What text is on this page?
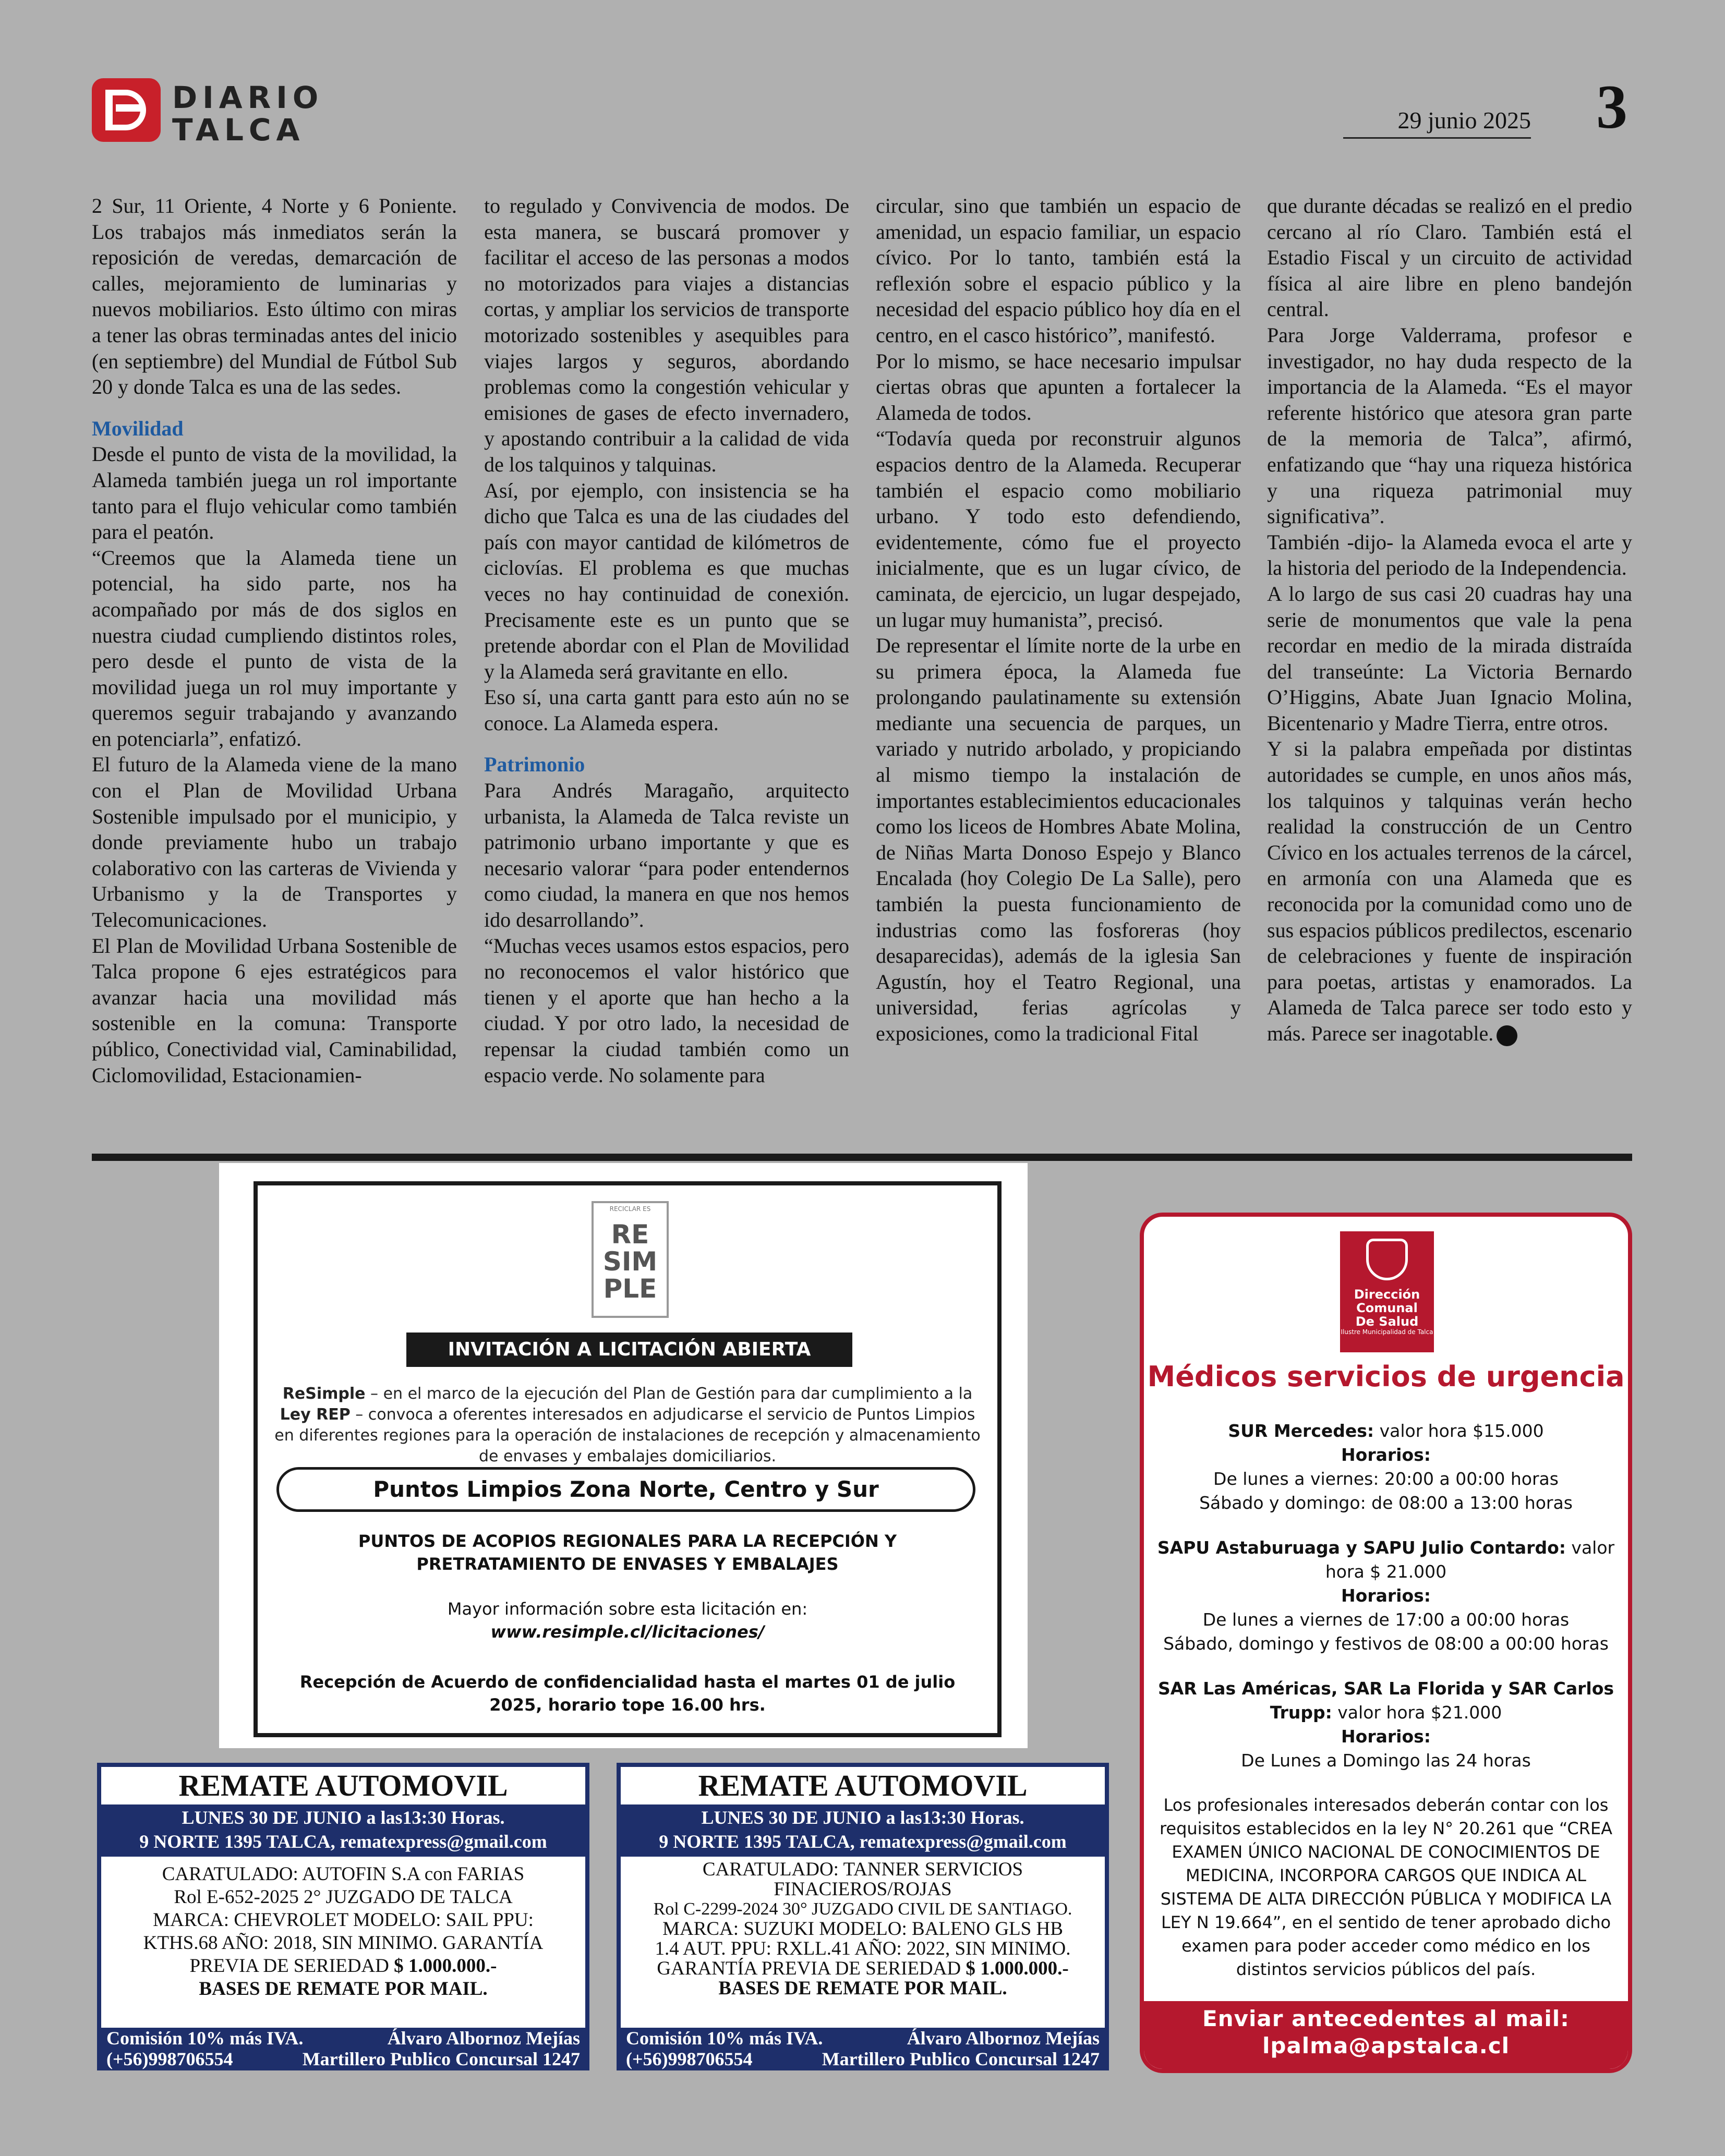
DIARIO
TALCA	29 junio 2025 3

2 Sur, 11 Oriente, 4 Norte y 6 Poniente. Los trabajos más inmediatos serán la reposición de veredas, demarcación de calles, mejoramiento de luminarias y nuevos mobiliarios. Esto último con miras a tener las obras terminadas antes del inicio (en septiembre) del Mundial de Fútbol Sub 20 y donde Talca es una de las sedes.

Movilidad

Desde el punto de vista de la movilidad, la Alameda también juega un rol importante tanto para el flujo vehicular como también para el peatón.

“Creemos que la Alameda tiene un potencial, ha sido parte, nos ha acompañado por más de dos siglos en nuestra ciudad cumpliendo distintos roles, pero desde el punto de vista de la movilidad juega un rol muy importante y queremos seguir trabajando y avanzando en potenciarla”, enfatizó.

El futuro de la Alameda viene de la mano con el Plan de Movilidad Urbana Sostenible impulsado por el municipio, y donde previamente hubo un trabajo colaborativo con las carteras de Vivienda y Urbanismo y la de Transportes y Telecomunicaciones.

El Plan de Movilidad Urbana Sostenible de Talca propone 6 ejes estratégicos para avanzar hacia una movilidad más sostenible en la comuna: Transporte público, Conectividad vial, Caminabilidad, Ciclomovilidad, Estacionamien-

to regulado y Convivencia de modos. De esta manera, se buscará promover y facilitar el acceso de las personas a modos no motorizados para viajes a distancias cortas, y ampliar los servicios de transporte motorizado sostenibles y asequibles para viajes largos y seguros, abordando problemas como la congestión vehicular y emisiones de gases de efecto invernadero, y apostando contribuir a la calidad de vida de los talquinos y talquinas.

Así, por ejemplo, con insistencia se ha dicho que Talca es una de las ciudades del país con mayor cantidad de kilómetros de ciclovías. El problema es que muchas veces no hay continuidad de conexión. Precisamente este es un punto que se pretende abordar con el Plan de Movilidad y la Alameda será gravitante en ello.

Eso sí, una carta gantt para esto aún no se conoce. La Alameda espera.

Patrimonio

Para Andrés Maragaño, arquitecto urbanista, la Alameda de Talca reviste un patrimonio urbano importante y que es necesario valorar “para poder entendernos como ciudad, la manera en que nos hemos ido desarrollando”.

“Muchas veces usamos estos espacios, pero no reconocemos el valor histórico que tienen y el aporte que han hecho a la ciudad. Y por otro lado, la necesidad de repensar la ciudad también como un espacio verde. No solamente para

circular, sino que también un espacio de amenidad, un espacio familiar, un espacio cívico. Por lo tanto, también está la reflexión sobre el espacio público y la necesidad del espacio público hoy día en el centro, en el casco histórico”, manifestó.

Por lo mismo, se hace necesario impulsar ciertas obras que apunten a fortalecer la Alameda de todos.

“Todavía queda por reconstruir algunos espacios dentro de la Alameda. Recuperar también el espacio como mobiliario urbano. Y todo esto defendiendo, evidentemente, cómo fue el proyecto inicialmente, que es un lugar cívico, de caminata, de ejercicio, un lugar despejado, un lugar muy humanista”, precisó.

De representar el límite norte de la urbe en su primera época, la Alameda fue prolongando paulatinamente su extensión mediante una secuencia de parques, un variado y nutrido arbolado, y propiciando al mismo tiempo la instalación de importantes establecimientos educacionales como los liceos de Hombres Abate Molina, de Niñas Marta Donoso Espejo y Blanco Encalada (hoy Colegio De La Salle), pero también la puesta funcionamiento de industrias como las fosforeras (hoy desaparecidas), además de la iglesia San Agustín, hoy el Teatro Regional, una universidad, ferias agrícolas y exposiciones, como la tradicional Fital

que durante décadas se realizó en el predio cercano al río Claro. También está el Estadio Fiscal y un circuito de actividad física al aire libre en pleno bandejón central.

Para Jorge Valderrama, profesor e investigador, no hay duda respecto de la importancia de la Alameda. “Es el mayor referente histórico que atesora gran parte de la memoria de Talca”, afirmó, enfatizando que “hay una riqueza histórica y una riqueza patrimonial muy significativa”.

También -dijo- la Alameda evoca el arte y la historia del periodo de la Independencia.

A lo largo de sus casi 20 cuadras hay una serie de monumentos que vale la pena recordar en medio de la mirada distraída del transeúnte: La Victoria Bernardo O’Higgins, Abate Juan Ignacio Molina, Bicentenario y Madre Tierra, entre otros.

Y si la palabra empeñada por distintas autoridades se cumple, en unos años más, los talquinos y talquinas verán hecho realidad la construcción de un Centro Cívico en los actuales terrenos de la cárcel, en armonía con una Alameda que es reconocida por la comunidad como uno de sus espacios públicos predilectos, escenario de celebraciones y fuente de inspiración para poetas, artistas y enamorados. La Alameda de Talca parece ser todo esto y más. Parece ser inagotable.

RECICLAR ES
RE
SIM
PLE
INVITACIÓN A LICITACIÓN ABIERTA
ReSimple – en el marco de la ejecución del Plan de Gestión para dar cumplimiento a la Ley REP – convoca a oferentes interesados en adjudicarse el servicio de Puntos Limpios en diferentes regiones para la operación de instalaciones de recepción y almacenamiento de envases y embalajes domiciliarios.
Puntos Limpios Zona Norte, Centro y Sur
PUNTOS DE ACOPIOS REGIONALES PARA LA RECEPCIÓN Y PRETRATAMIENTO DE ENVASES Y EMBALAJES
Mayor información sobre esta licitación en:
www.resimple.cl/licitaciones/
Recepción de Acuerdo de confidencialidad hasta el martes 01 de julio 2025, horario tope 16.00 hrs.
REMATE AUTOMOVIL
LUNES 30 DE JUNIO a las13:30 Horas.
9 NORTE 1395 TALCA, rematexpress@gmail.com
CARATULADO: AUTOFIN S.A con FARIAS
Rol E-652-2025 2° JUZGADO DE TALCA
MARCA: CHEVROLET MODELO: SAIL PPU:
KTHS.68 AÑO: 2018, SIN MINIMO. GARANTÍA
PREVIA DE SERIEDAD $ 1.000.000.-
BASES DE REMATE POR MAIL.
Comisión 10% más IVA.	Álvaro Albornoz Mejías
(+56)998706554	Martillero Publico Concursal 1247
REMATE AUTOMOVIL
LUNES 30 DE JUNIO a las13:30 Horas.
9 NORTE 1395 TALCA, rematexpress@gmail.com
CARATULADO: TANNER SERVICIOS
FINACIEROS/ROJAS
Rol C-2299-2024 30° JUZGADO CIVIL DE SANTIAGO.
MARCA: SUZUKI MODELO: BALENO GLS HB
1.4 AUT. PPU: RXLL.41 AÑO: 2022, SIN MINIMO.
GARANTÍA PREVIA DE SERIEDAD $ 1.000.000.-
BASES DE REMATE POR MAIL.
Comisión 10% más IVA.	Álvaro Albornoz Mejías
(+56)998706554	Martillero Publico Concursal 1247
Dirección
Comunal
De Salud
Ilustre Municipalidad de Talca
Médicos servicios de urgencia
SUR Mercedes: valor hora $15.000
Horarios:
De lunes a viernes: 20:00 a 00:00 horas
Sábado y domingo: de 08:00 a 13:00 horas
SAPU Astaburuaga y SAPU Julio Contardo: valor hora $ 21.000
Horarios:
De lunes a viernes de 17:00 a 00:00 horas
Sábado, domingo y festivos de 08:00 a 00:00 horas
SAR Las Américas, SAR La Florida y SAR Carlos Trupp: valor hora $21.000
Horarios:
De Lunes a Domingo las 24 horas
Los profesionales interesados deberán contar con los requisitos establecidos en la ley N° 20.261 que “CREA EXAMEN ÚNICO NACIONAL DE CONOCIMIENTOS DE MEDICINA, INCORPORA CARGOS QUE INDICA AL SISTEMA DE ALTA DIRECCIÓN PÚBLICA Y MODIFICA LA LEY N 19.664”, en el sentido de tener aprobado dicho examen para poder acceder como médico en los distintos servicios públicos del país.
Enviar antecedentes al mail:
lpalma@apstalca.cl
